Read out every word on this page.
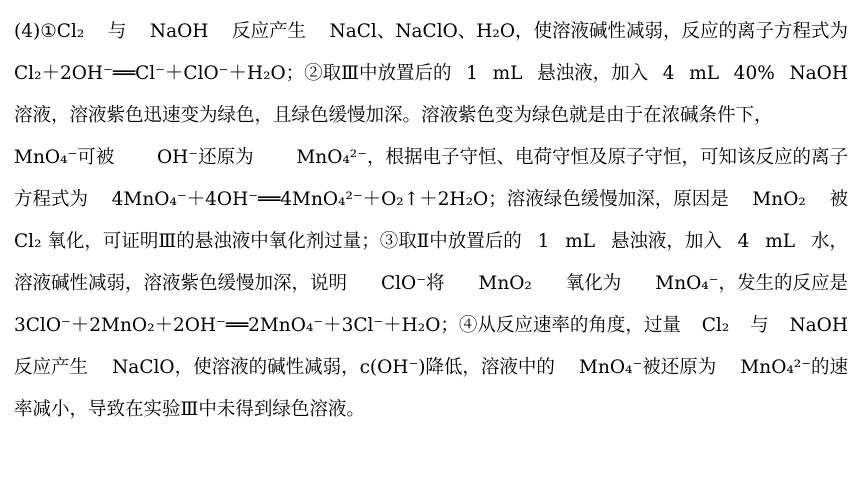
(4)①Cl₂ 与 NaOH 反应产生 NaCl、NaClO、H₂O，使溶液碱性减弱，反应的离子方程式为
Cl₂＋2OH⁻══Cl⁻＋ClO⁻＋H₂O；②取Ⅲ中放置后的 1 mL 悬浊液，加入 4 mL 40% NaOH
溶液，溶液紫色迅速变为绿色，且绿色缓慢加深。溶液紫色变为绿色就是由于在浓碱条件下，
MnO₄⁻可被 OH⁻还原为 MnO₄²⁻，根据电子守恒、电荷守恒及原子守恒，可知该反应的离子
方程式为 4MnO₄⁻＋4OH⁻══4MnO₄²⁻＋O₂↑＋2H₂O；溶液绿色缓慢加深，原因是 MnO₂ 被
Cl₂ 氧化，可证明Ⅲ的悬浊液中氧化剂过量；③取Ⅱ中放置后的 1 mL 悬浊液，加入 4 mL 水，
溶液碱性减弱，溶液紫色缓慢加深，说明 ClO⁻将 MnO₂ 氧化为 MnO₄⁻，发生的反应是
3ClO⁻＋2MnO₂＋2OH⁻══2MnO₄⁻＋3Cl⁻＋H₂O；④从反应速率的角度，过量 Cl₂ 与 NaOH
反应产生 NaClO，使溶液的碱性减弱，c(OH⁻)降低，溶液中的 MnO₄⁻被还原为 MnO₄²⁻的速
率减小，导致在实验Ⅲ中未得到绿色溶液。
